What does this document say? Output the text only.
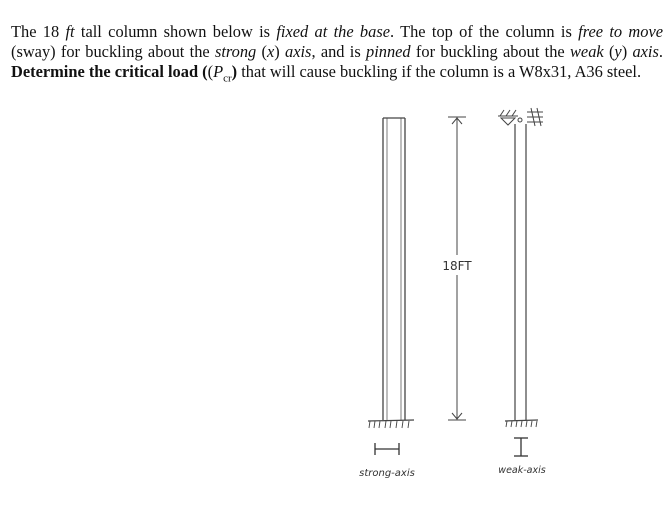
The 18 ft tall column shown below is fixed at the base. The top of the column is free to move (sway) for buckling about the strong (x) axis, and is pinned for buckling about the weak (y) axis. Determine the critical load ($(P_{cr})$ that will cause buckling if the column is a W8x31, A36 steel.

strong-axis
18FT
weak-axis
